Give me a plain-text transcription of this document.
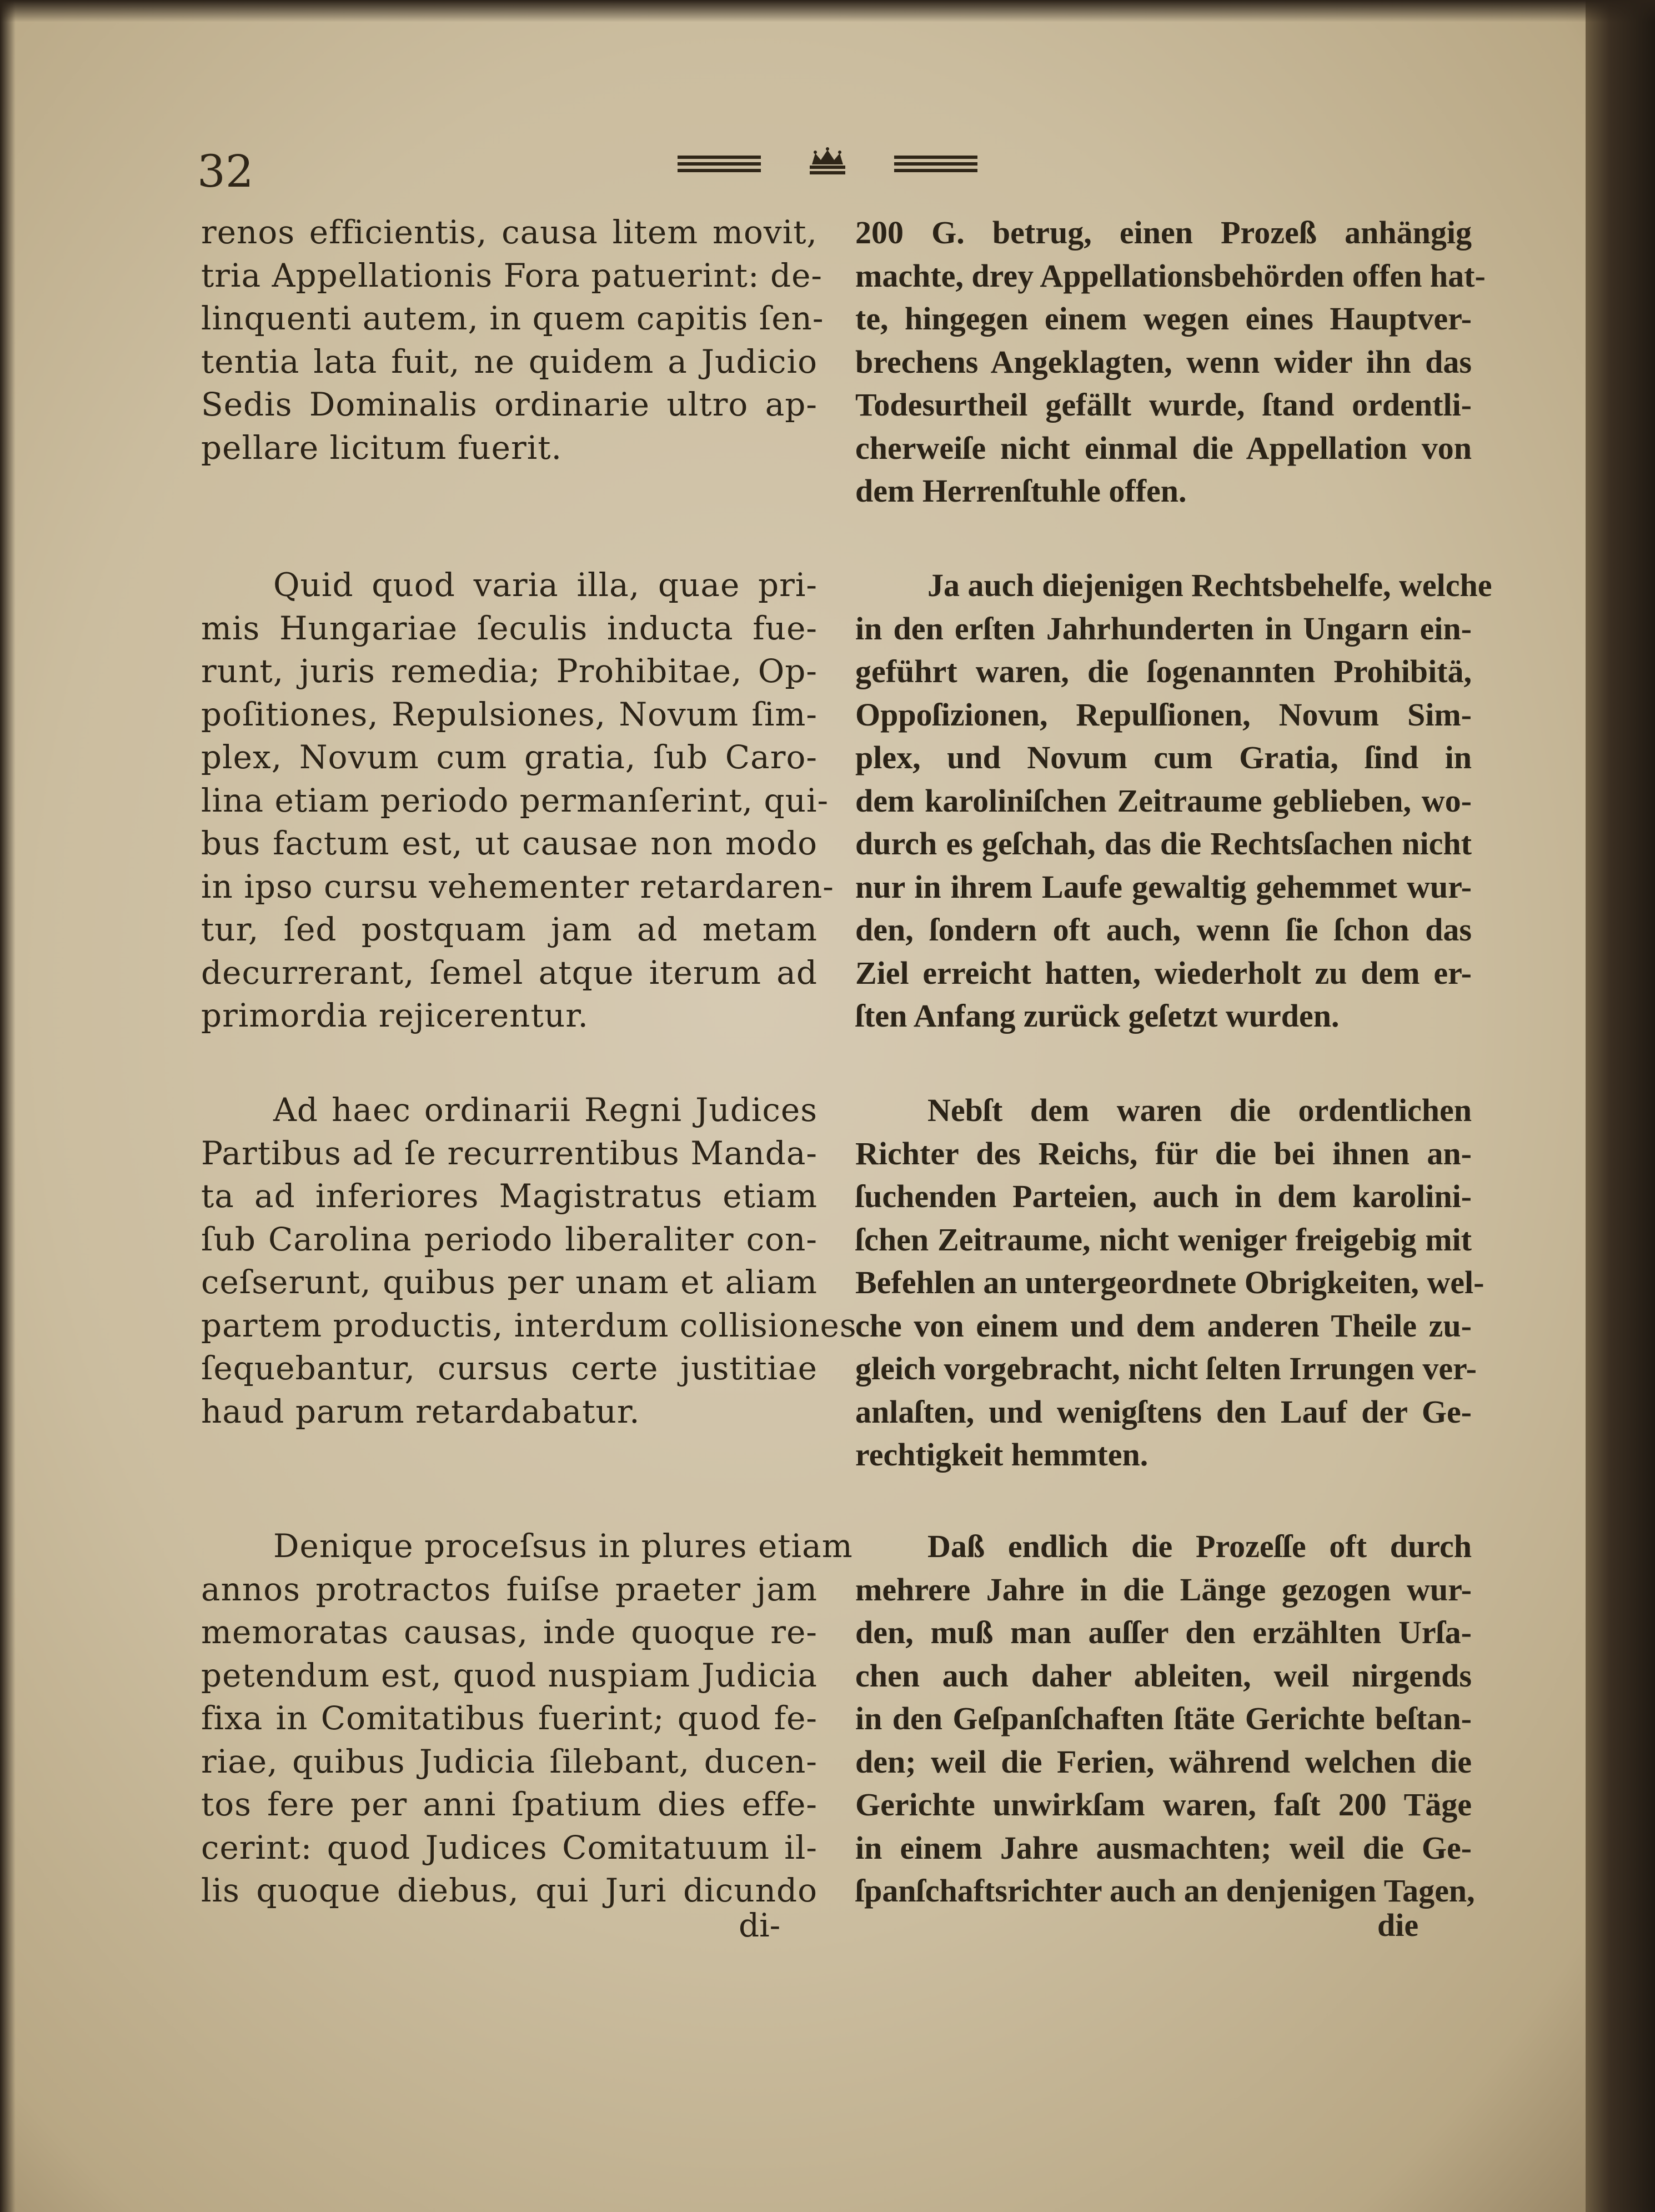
32
renos efficientis, causa litem movit,
tria Appellationis Fora patuerint: de-
linquenti autem, in quem capitis ſen-
tentia lata fuit, ne quidem a Judicio
Sedis Dominalis ordinarie ultro ap-
pellare licitum fuerit.
Quid quod varia illa, quae pri-
mis Hungariae ſeculis inducta fue-
runt, juris remedia; Prohibitae, Op-
poſitiones, Repulsiones, Novum ſim-
plex, Novum cum gratia, ſub Caro-
lina etiam periodo permanſerint, qui-
bus factum est, ut causae non modo
in ipso cursu vehementer retardaren-
tur, ſed postquam jam ad metam
decurrerant, ſemel atque iterum ad
primordia rejicerentur.
Ad haec ordinarii Regni Judices
Partibus ad ſe recurrentibus Manda-
ta ad inferiores Magistratus etiam
ſub Carolina periodo liberaliter con-
ceſserunt, quibus per unam et aliam
partem productis, interdum collisiones
ſequebantur, cursus certe justitiae
haud parum retardabatur.
Denique proceſsus in plures etiam
annos protractos fuiſse praeter jam
memoratas causas, inde quoque re-
petendum est, quod nuspiam Judicia
fixa in Comitatibus fuerint; quod fe-
riae, quibus Judicia ſilebant, ducen-
tos fere per anni ſpatium dies effe-
cerint: quod Judices Comitatuum il-
lis quoque diebus, qui Juri dicundo
200 G. betrug, einen Prozeß anhängig
machte, drey Appellationsbehörden offen hat-
te, hingegen einem wegen eines Hauptver-
brechens Angeklagten, wenn wider ihn das
Todesurtheil gefällt wurde, ſtand ordentli-
cherweiſe nicht einmal die Appellation von
dem Herrenſtuhle offen.
Ja auch diejenigen Rechtsbehelfe, welche
in den erſten Jahrhunderten in Ungarn ein-
geführt waren, die ſogenannten Prohibitä,
Oppoſizionen, Repulſionen, Novum Sim-
plex, und Novum cum Gratia, ſind in
dem karoliniſchen Zeitraume geblieben, wo-
durch es geſchah, das die Rechtsſachen nicht
nur in ihrem Laufe gewaltig gehemmet wur-
den, ſondern oft auch, wenn ſie ſchon das
Ziel erreicht hatten, wiederholt zu dem er-
ſten Anfang zurück geſetzt wurden.
Nebſt dem waren die ordentlichen
Richter des Reichs, für die bei ihnen an-
ſuchenden Parteien, auch in dem karolini-
ſchen Zeitraume, nicht weniger freigebig mit
Befehlen an untergeordnete Obrigkeiten, wel-
che von einem und dem anderen Theile zu-
gleich vorgebracht, nicht ſelten Irrungen ver-
anlaſten, und wenigſtens den Lauf der Ge-
rechtigkeit hemmten.
Daß endlich die Prozeſſe oft durch
mehrere Jahre in die Länge gezogen wur-
den, muß man auſſer den erzählten Urſa-
chen auch daher ableiten, weil nirgends
in den Geſpanſchaften ſtäte Gerichte beſtan-
den; weil die Ferien, während welchen die
Gerichte unwirkſam waren, faſt 200 Täge
in einem Jahre ausmachten; weil die Ge-
ſpanſchaftsrichter auch an denjenigen Tagen,
di-	die
